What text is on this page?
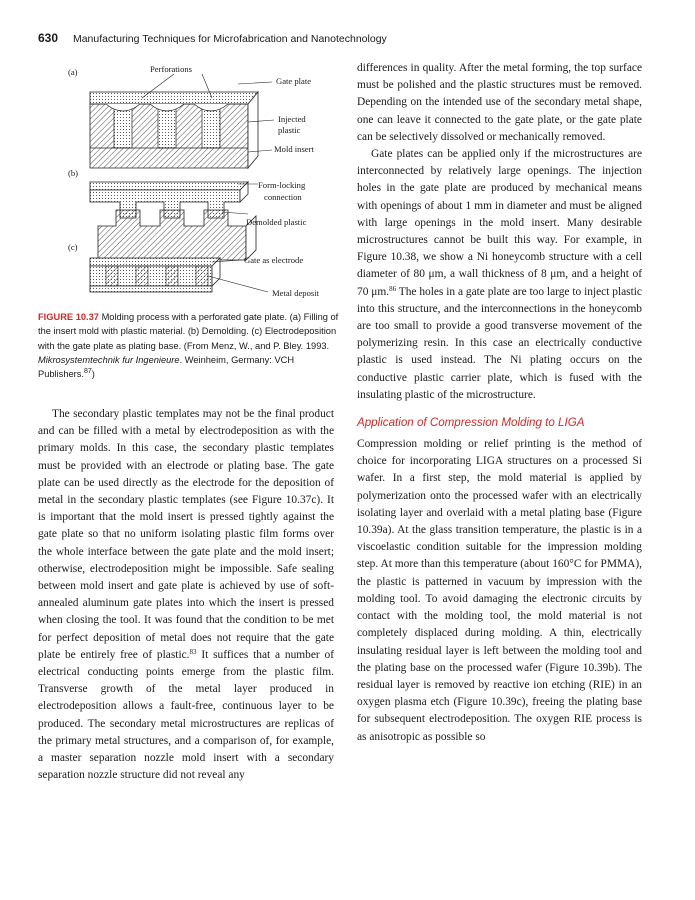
630 Manufacturing Techniques for Microfabrication and Nanotechnology
(a)	Perforations
Gate plate
Injected
plastic
Mold insert
(b)
Form-locking
connection
Demolded plastic
(c)
Gate as electrode
Metal deposit
FIGURE 10.37 Molding process with a perforated gate plate. (a) Filling of the insert mold with plastic material. (b) Demolding. (c) Electrodeposition with the gate plate as plating base. (From Menz, W., and P. Bley. 1993. Mikrosystemtechnik fur Ingenieure. Weinheim, Germany: VCH Publishers.$^{87}$)

The secondary plastic templates may not be the final product and can be filled with a metal by electrodeposition as with the primary molds. In this case, the secondary plastic templates must be provided with an electrode or plating base. The gate plate can be used directly as the electrode for the deposition of metal in the secondary plastic templates (see Figure 10.37c). It is important that the mold insert is pressed tightly against the gate plate so that no uniform isolating plastic film forms over the whole interface between the gate plate and the mold insert; otherwise, electrodeposition might be impossible. Safe sealing between mold insert and gate plate is achieved by use of soft-annealed aluminum gate plates into which the insert is pressed when closing the tool. It was found that the condition to be met for perfect deposition of metal does not require that the gate plate be entirely free of plastic.$^{83}$ It suffices that a number of electrical conducting points emerge from the plastic film. Transverse growth of the metal layer produced in electrodeposition allows a fault-free, continuous layer to be produced. The secondary metal microstructures are replicas of the primary metal structures, and a comparison of, for example, a master separation nozzle mold insert with a secondary separation nozzle structure did not reveal any

differences in quality. After the metal forming, the top surface must be polished and the plastic structures must be removed. Depending on the intended use of the secondary metal shape, one can leave it connected to the gate plate, or the gate plate can be selectively dissolved or mechanically removed.

Gate plates can be applied only if the microstructures are interconnected by relatively large openings. The injection holes in the gate plate are produced by mechanical means with openings of about 1 mm in diameter and must be aligned with large openings in the mold insert. Many desirable microstructures cannot be built this way. For example, in Figure 10.38, we show a Ni honeycomb structure with a cell diameter of 80 μm, a wall thickness of 8 μm, and a height of 70 μm.$^{86}$ The holes in a gate plate are too large to inject plastic into this structure, and the interconnections in the honeycomb are too small to provide a good transverse movement of the polymerizing resin. In this case an electrically conductive plastic is used instead. The Ni plating occurs on the conductive plastic carrier plate, which is fused with the insulating plastic of the microstructure.

Application of Compression Molding to LIGA

Compression molding or relief printing is the method of choice for incorporating LIGA structures on a processed Si wafer. In a first step, the mold material is applied by polymerization onto the processed wafer with an electrically isolating layer and overlaid with a metal plating base (Figure 10.39a). At the glass transition temperature, the plastic is in a viscoelastic condition suitable for the impression molding step. At more than this temperature (about 160°C for PMMA), the plastic is patterned in vacuum by impression with the molding tool. To avoid damaging the electronic circuits by contact with the molding tool, the mold material is not completely displaced during molding. A thin, electrically insulating residual layer is left between the molding tool and the plating base on the processed wafer (Figure 10.39b). The residual layer is removed by reactive ion etching (RIE) in an oxygen plasma etch (Figure 10.39c), freeing the plating base for subsequent electrodeposition. The oxygen RIE process is as anisotropic as possible so
